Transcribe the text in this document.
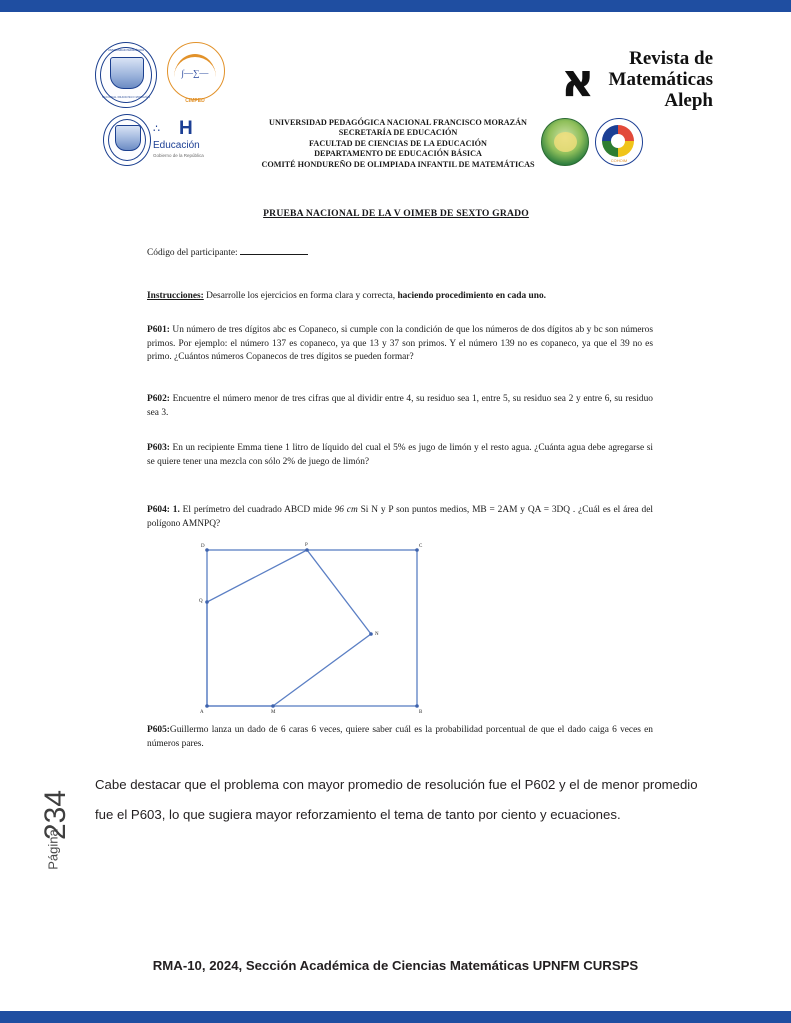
UNIVERSIDAD PEDAGÓGICA
NACIONAL FRANCISCO MORAZÁN
∫—∑—
CIMPED	א	Revista de
Matemáticas
Aleph
∴ H
Educación
Gobierno de la República
UNIVERSIDAD PEDAGÓGICA NACIONAL FRANCISCO MORAZÁN
SECRETARÍA DE EDUCACIÓN
FACULTAD DE CIENCIAS DE LA EDUCACIÓN
DEPARTAMENTO DE EDUCACIÓN BÁSICA
COMITÉ HONDUREÑO DE OLIMPIADA INFANTIL DE MATEMÁTICAS	COHOIM
PRUEBA NACIONAL DE LA V OIMEB DE SEXTO GRADO
Código del participante:
Instrucciones: Desarrolle los ejercicios en forma clara y correcta, haciendo procedimiento en cada uno.
P601: Un número de tres dígitos abc es Copaneco, si cumple con la condición de que los números de dos dígitos ab y bc son números primos. Por ejemplo: el número 137 es copaneco, ya que 13 y 37 son primos. Y el número 139 no es copaneco, ya que el 39 no es primo. ¿Cuántos números Copanecos de tres dígitos se pueden formar?
P602: Encuentre el número menor de tres cifras que al dividir entre 4, su residuo sea 1, entre 5, su residuo sea 2 y entre 6, su residuo sea 3.
P603: En un recipiente Emma tiene 1 litro de líquido del cual el 5% es jugo de limón y el resto agua. ¿Cuánta agua debe agregarse si se quiere tener una mezcla con sólo 2% de juego de limón?
P604: 1. El perímetro del cuadrado ABCD mide 96 cm Si N y P son puntos medios, MB = 2AM y QA = 3DQ . ¿Cuál es el área del polígono AMNPQ?
D	P	C
Q
N
M
A	B
P605:Guillermo lanza un dado de 6 caras 6 veces, quiere saber cuál es la probabilidad porcentual de que el dado caiga 6 veces en números pares.
Cabe destacar que el problema con mayor promedio de resolución fue el P602 y el de menor promedio fue el P603, lo que sugiera mayor reforzamiento el tema de tanto por ciento y ecuaciones.
Página
234
RMA-10, 2024, Sección Académica de Ciencias Matemáticas UPNFM CURSPS
